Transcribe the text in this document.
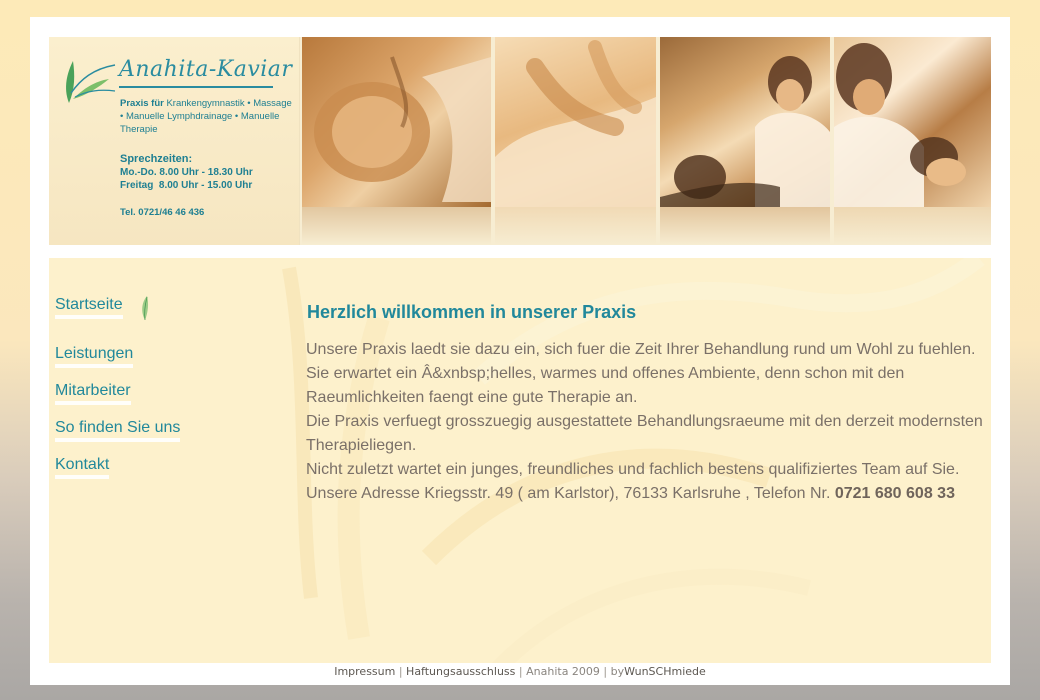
Anahita-Kaviar
Praxis für Krankengymnastik • Massage • Manuelle Lymphdrainage • Manuelle Therapie
Sprechzeiten:
Mo.-Do. 8.00 Uhr - 18.30 Uhr
Freitag  8.00 Uhr - 15.00 Uhr
Tel. 0721/46 46 436
Startseite
Leistungen
Mitarbeiter
So finden Sie uns
Kontakt
Herzlich willkommen in unserer Praxis

Unsere Praxis laedt sie dazu ein, sich fuer die Zeit Ihrer Behandlung rund um Wohl zu fuehlen.

Sie erwartet ein Â&xnbsp;helles, warmes und offenes Ambiente, denn schon mit den Raeumlichkeiten faengt eine gute Therapie an.

Die Praxis verfuegt grosszuegig ausgestattete Behandlungsraeume mit den derzeit modernsten Therapieliegen.

Nicht zuletzt wartet ein junges, freundliches und fachlich bestens qualifiziertes Team auf Sie.

Unsere Adresse Kriegsstr. 49 ( am Karlstor), 76133 Karlsruhe , Telefon Nr. 0721 680 608 33

Impressum | Haftungsausschluss | Anahita 2009 | byWunSCHmiede
